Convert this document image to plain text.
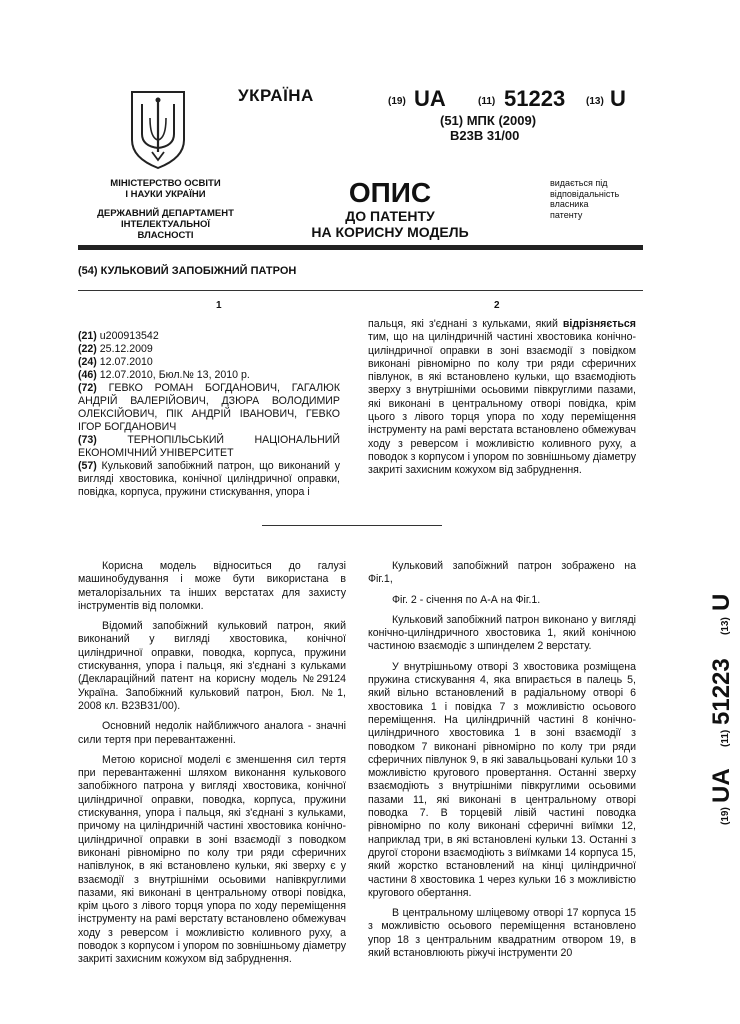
МІНІСТЕРСТВО ОСВІТИ
І НАУКИ УКРАЇНИ
ДЕРЖАВНИЙ ДЕПАРТАМЕНТ
ІНТЕЛЕКТУАЛЬНОЇ
ВЛАСНОСТІ
УКРАЇНА	(19) UA	(11) 51223 (13) U
(51) МПК (2009)
B23B 31/00
ОПИС
ДО ПАТЕНТУ
НА КОРИСНУ МОДЕЛЬ
видається під
відповідальність
власника
патенту
(54) КУЛЬКОВИЙ ЗАПОБІЖНИЙ ПАТРОН
1	2

(21) u200913542

(22) 25.12.2009

(24) 12.07.2010

(46) 12.07.2010, Бюл.№ 13, 2010 р.

(72) ГЕВКО РОМАН БОГДАНОВИЧ, ГАГАЛЮК АНДРІЙ ВАЛЕРІЙОВИЧ, ДЗЮРА ВОЛОДИМИР ОЛЕКСІЙОВИЧ, ПІК АНДРІЙ ІВАНОВИЧ, ГЕВКО ІГОР БОГДАНОВИЧ

(73) ТЕРНОПІЛЬСЬКИЙ НАЦІОНАЛЬНИЙ ЕКОНОМІЧНИЙ УНІВЕРСИТЕТ

(57) Кульковий запобіжний патрон, що виконаний у вигляді хвостовика, конічної циліндричної оправки, повідка, корпуса, пружини стискування, упора і

пальця, які з'єднані з кульками, який відрізняється тим, що на циліндричній частині хвостовика конічно-циліндричної оправки в зоні взаємодії з повідком виконані рівномірно по колу три ряди сферичних півлунок, в які встановлено кульки, що взаємодіють зверху з внутрішніми осьовими півкруглими пазами, які виконані в центральному отворі повідка, крім цього з лівого торця упора по ходу переміщення інструменту на рамі верстата встановлено обмежувач ходу з реверсом і можливістю коливного руху, а поводок з корпусом і упором по зовнішньому діаметру закриті захисним кожухом від забруднення.

Корисна модель відноситься до галузі машинобудування і може бути використана в металорізальних та інших верстатах для захисту інструментів від поломки.

Відомий запобіжний кульковий патрон, який виконаний у вигляді хвостовика, конічної циліндричної оправки, поводка, корпуса, пружини стискування, упора і пальця, які з'єднані з кульками (Деклараційний патент на корисну модель №29124 Україна. Запобіжний кульковий патрон, Бюл. №1, 2008 кл. В23В31/00).

Основний недолік найближчого аналога - значні сили тертя при перевантаженні.

Метою корисної моделі є зменшення сил тертя при перевантаженні шляхом виконання кулькового запобіжного патрона у вигляді хвостовика, конічної циліндричної оправки, поводка, корпуса, пружини стискування, упора і пальця, які з'єднані з кульками, причому на циліндричній частині хвостовика конічно-циліндричної оправки в зоні взаємодії з поводком виконані рівномірно по колу три ряди сферичних напівлунок, в які встановлено кульки, які зверху є у взаємодії з внутрішніми осьовими напівкруглими пазами, які виконані в центральному отворі повідка, крім цього з лівого торця упора по ходу переміщення інструменту на рамі верстату встановлено обмежувач ходу з реверсом і можливістю коливного руху, а поводок з корпусом і упором по зовнішньому діаметру закриті захисним кожухом від забруднення.

Кульковий запобіжний патрон зображено на Фіг.1,

Фіг. 2 - січення по А-А на Фіг.1.

Кульковий запобіжний патрон виконано у вигляді конічно-циліндричного хвостовика 1, який конічною частиною взаємодіє з шпинделем 2 верстату.

У внутрішньому отворі 3 хвостовика розміщена пружина стискування 4, яка впирається в палець 5, який вільно встановлений в радіальному отворі 6 хвостовика 1 і повідка 7 з можливістю осьового переміщення. На циліндричній частині 8 конічно-циліндричного хвостовика 1 в зоні взаємодії з поводком 7 виконані рівномірно по колу три ряди сферичних півлунок 9, в які завальцьовані кульки 10 з можливістю кругового провертання. Останні зверху взаємодіють з внутрішніми півкруглими осьовими пазами 11, які виконані в центральному отворі поводка 7. В торцевій лівій частині поводка рівномірно по колу виконані сферичні виїмки 12, наприклад три, в які встановлені кульки 13. Останні з другої сторони взаємодіють з виїмками 14 корпуса 15, який жорстко встановлений на кінці циліндричної частини 8 хвостовика 1 через кульки 16 з можливістю кругового обертання.

В центральному шліцевому отворі 17 корпуса 15 з можливістю осьового переміщення встановлено упор 18 з центральним квадратним отвором 19, в який встановлюють ріжучі інструменти 20

(19)
UA
(11)
51223
(13)
U
